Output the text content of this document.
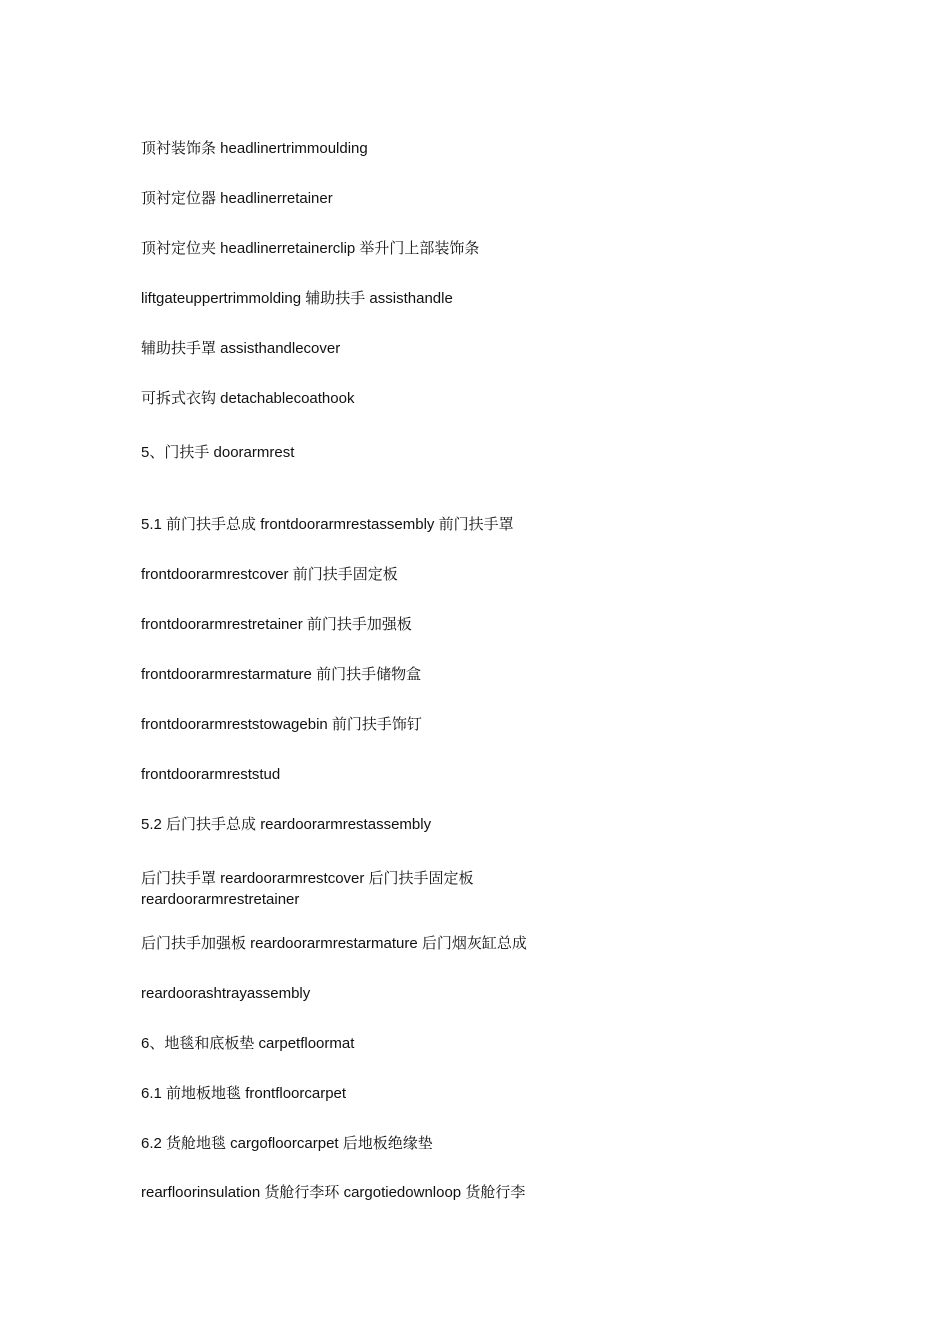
顶衬装饰条 headlinertrimmoulding
顶衬定位器 headlinerretainer
顶衬定位夹 headlinerretainerclip 举升门上部装饰条
liftgateuppertrimmolding 辅助扶手 assisthandle
辅助扶手罩 assisthandlecover
可拆式衣钩 detachablecoathook
5、门扶手 doorarmrest
5.1 前门扶手总成 frontdoorarmrestassembly 前门扶手罩
frontdoorarmrestcover 前门扶手固定板
frontdoorarmrestretainer 前门扶手加强板
frontdoorarmrestarmature 前门扶手储物盒
frontdoorarmreststowagebin 前门扶手饰钉
frontdoorarmreststud
5.2 后门扶手总成 reardoorarmrestassembly
后门扶手罩 reardoorarmrestcover 后门扶手固定板 reardoorarmrestretainer
后门扶手加强板 reardoorarmrestarmature 后门烟灰缸总成
reardoorashtrayassembly
6、地毯和底板垫 carpetfloormat
6.1 前地板地毯 frontfloorcarpet
6.2 货舱地毯 cargofloorcarpet 后地板绝缘垫
rearfloorinsulation 货舱行李环 cargotiedownloop 货舱行李
